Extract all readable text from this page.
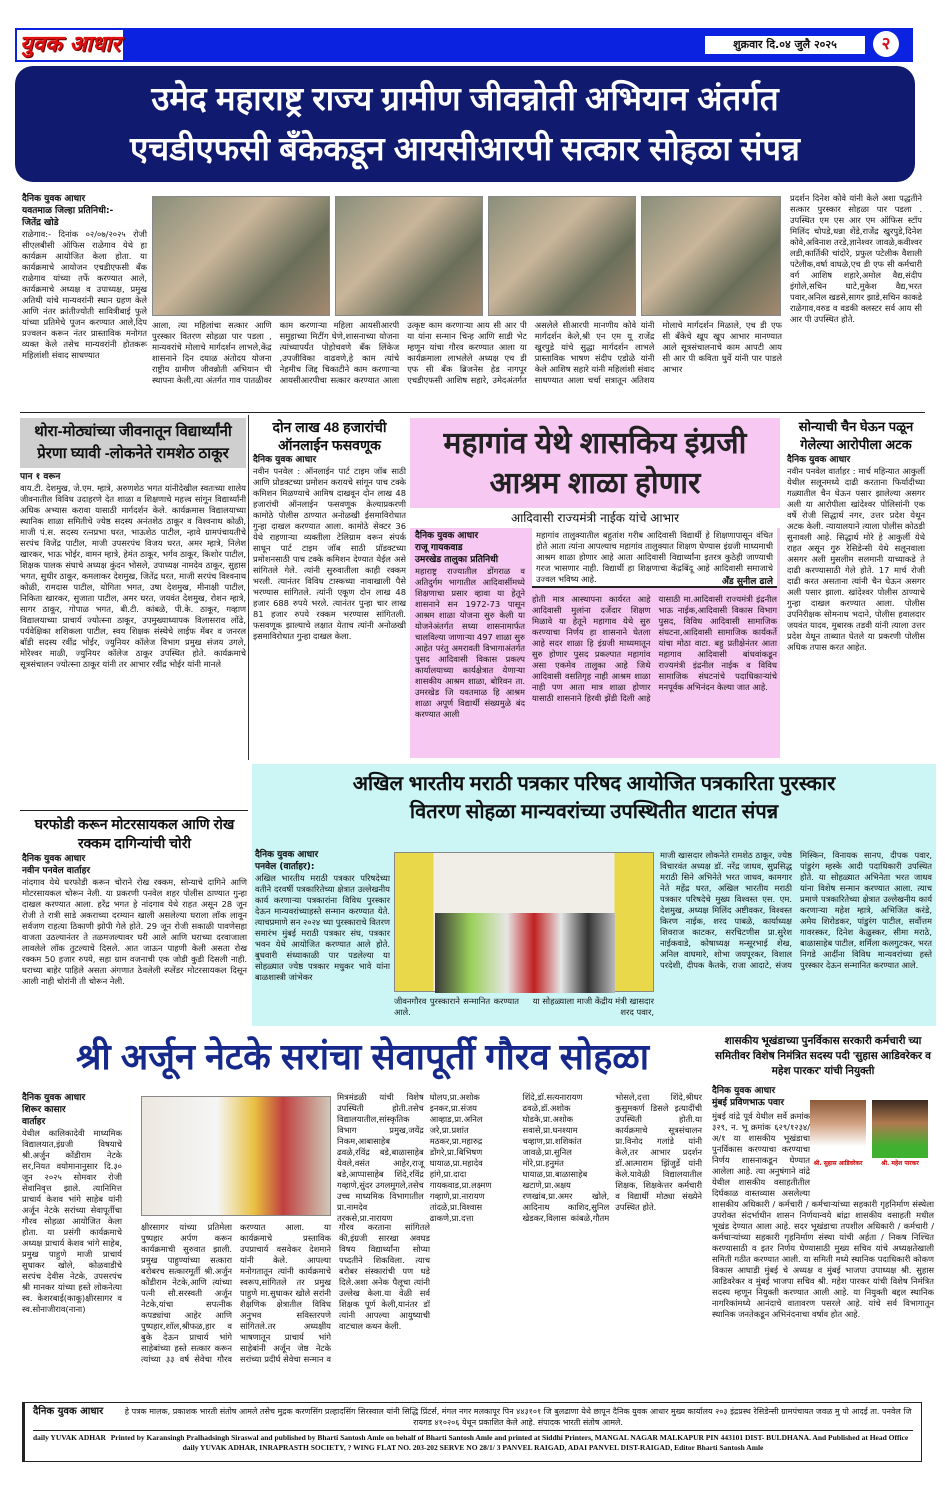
युवक आधार	शुक्रवार दि.०४ जुलै २०२५	२
उमेद महाराष्ट्र राज्य ग्रामीण जीवन्नोती अभियान अंतर्गत
एचडीएफसी बँकेकडून आयसीआरपी सत्कार सोहळा संपन्न
दैनिक युवक आधार
यवतमाळ जिल्हा प्रतिनिधी:-
जितेंद्र खोडे
राळेगाव:- दिनांक ०२/०७/२०२५ रोजी सीएलबीसी ऑफिस राळेगाव येथे हा कार्यक्रम आयोजित केला होता. या कार्यक्रमाचे आयोजन एचडीएफसी बँक राळेगाव यांच्या तर्फे करण्यात आले, कार्यक्रमाचे अध्यक्ष व उपाध्यक्ष, प्रमुख अतिथी यांचे मान्यवरांनी स्थान ग्रहण केले आणि नंतर क्रांतीज्योती सावित्रीबाई फुले यांच्या प्रतिमेचे पूजन करण्यात आले,दिप प्रज्वलन करून नंतर प्रास्ताविक मनोगत व्यक्त केले तसेच मान्यवरांनी होतकरू महिलांशी संवाद साधण्यात
आला, त्या महिलांचा सत्कार आणि पुरस्कार वितरण सोहळा पार पडला , मान्यवरांचे मोलाचे मार्गदर्शन लाभले,केंद्र शासनाने दिन दयाळ अंतोदय योजना राष्ट्रीय ग्रामीण जीवन्नोती अभियान ची स्थापना केली,त्या अंतर्गत गाव पातळीवर काम करणाऱ्या महिला आयसीआरपी समुहाच्या मिटींग घेणे,शासनाच्या योजना त्यांच्यापर्यंत पोहोचवणे बँक लिंकेज ,उपजीविका वाढवणे,हे काम त्यांचे नेहमीच जिद्द चिकाटीने काम करणाऱ्या आयसीआरपीचा सत्कार करण्यात आला उत्कृष्ट काम करणाऱ्या आय सी आर पी या यांना सन्मान चिन्ह आणि साडी भेट म्हणून यांचा गौरव करण्यात आला या कार्यक्रमाला लाभलेले अध्यक्ष एच डी एफ सी बँक ब्रिजनेस हेड नागपूर एचडीएफसी आशिष सहारे, उमेदअंतर्गत असलेले सीआरपी मानणीय कोवे यांनी मार्गदर्शन केले,श्री एन एम यू राजेंद्र खुरपुडे यांचे सुद्धा मार्गदर्शन लाभले प्रास्ताविक भाषण संदीप एडोळे यांनी केले आशिष सहारे यांनी महिलांशी संवाद साधण्यात आला चर्चा सत्रातून अतिशय मोलाचे मार्गदर्शन मिळाले, एच डी एफ सी बँकेचे खूप खूप आभार मानण्यात आले सूत्रसंचालनाचे काम आपटी आय सी आर पी कविता धुर्वे यांनी पार पाडले आभार
प्रदर्शन दिनेश कोवे यांनी केले अशा पद्धतीने सत्कार पुरस्कार सोहळा पार पडला . उपस्थित एम एस आर एम ऑफिस स्टॉप मिलिंद चोपडे,धन्ना शेंडे,राजेंद्र खुरपुडे,दिनेश कोवे,अविनाश तरडे,ज्ञानेश्वर जावळे,कवीश्वर लडी,कार्तिकी चांदोरे, प्रफुल पटेलीक वैशाली पटेलीक,वर्षा वाघळे,एच डी एफ सी कर्मचारी वर्ग आशिष शहारे,अमोल वैद्य,संदीप इंगोले,सचिन घाटे,मुकेश वैद्य,भरत पवार,अनिल खडसे,सागर झाडे,सचिन काकडे राळेगाव,वरुड व वडकी क्लस्टर सर्व आय सी आर पी उपस्थित होते.
थोरा-मोठ्यांच्या जीवनातून विद्यार्थ्यांनी प्रेरणा घ्यावी -लोकनेते रामशेठ ठाकूर
पान १ वरून
वाय.टी. देशमुख, जे.एम. म्हात्रे, अरुणशेठ भगत यांनीदेखील स्वतःच्या शालेय जीवनातील विविध उदाहरणे देत शाळा व शिक्षणाचे महत्त्व सांगून विद्यार्थ्यांनी अधिक अभ्यास करावा यासाठी मार्गदर्शन केले. कार्यक्रमास विद्यालयाच्या स्थानिक शाळा समितीचे ज्येष्ठ सदस्य अनंतशेठ ठाकूर व विश्वनाथ कोळी, माजी पं.स. सदस्य रत्नप्रभा घरत, भाऊशेठ पाटील, न्हावे ग्रामपंचायतीचे सरपंच विजेंद्र पाटील, माजी उपसरपंच विजय घरत, अमर म्हात्रे, निलेश खारकर, भाऊ भोईर, वामन म्हात्रे, हेमंत ठाकूर, भर्गव ठाकूर, किशोर पाटील, शिक्षक पालक संघाचे अध्यक्ष कुंदन भोसले, उपाध्यक्ष नामदेव ठाकूर, सुहास भगत, सुधीर ठाकूर, कमलाकर देशमुख, जितेंद्र घरत, माजी सरपंच विश्वनाथ कोळी, रामदास पाटील, योगिता भगत, उषा देशमुख, मीनाक्षी पाटील, निकिता खारकर, सुजाता पाटील, अमर घरत, जयवंत देशमुख, रोशन म्हात्रे, सागर ठाकूर, गोपाळ भगत, बी.टी. कांबळे, पी.के. ठाकूर, गव्हाण विद्यालयाच्या प्राचार्य ज्योत्स्ना ठाकूर, उपमुख्याध्यापक विलासराव लोंढे, पर्यवेक्षिका शशिकला पाटील, स्वय शिक्षक संस्थेचे लाईफ मेंबर व जनरल बॉडी सदस्य रवींद्र भोईर, ज्युनियर कॉलेज विभाग प्रमुख संजय उगले, मोरेश्वर माळी, ज्युनियर कॉलेज ठाकूर उपस्थित होते. कार्यक्रमाचे सूत्रसंचालन ज्योत्स्ना ठाकूर यांनी तर आभार रवींद्र भोईर यांनी मानले
दोन लाख 48 हजारांची
ऑनलाईन फसवणूक
दैनिक युवक आधार
नवीन पनवेल : ऑनलाईन पार्ट टाइम जॉब साठी आणि प्रोडक्टच्या प्रमोशन करायचे सांगून पाच टक्के कमिशन मिळण्याचे आमिष दाखवून दोन लाख 48 हजारांची ऑनलाईन फसवणूक केल्याप्रकरणी कामोठे पोलीस ठाण्यात अनोळखी ईसमाविरोधात गुन्हा दाखल करण्यात आला. कामोठे सेक्टर 36 येथे राहणाऱ्या व्यक्तीला टेलिग्राम वरून संपर्क साधून पार्ट टाइम जॉब साठी प्रॉडक्टच्या प्रमोशनसाठी पाच टक्के कमिशन देण्यात येईल असे सांगितले गेले. त्यांनी सुरुवातीला काही रक्कम भरली. त्यानंतर विविध टास्कच्या नावाखाली पैसे भरण्यास सांगितले. त्यांनी एकूण दोन लाख 48 हजार 688 रुपये भरले. त्यानंतर पुन्हा चार लाख 81 हजार रुपये रक्कम भरण्यास सांगितली. फसवणूक झाल्याचे लक्षात येताच त्यांनी अनोळखी इसमाविरोधात गुन्हा दाखल केला.
महागांव येथे शासकिय इंग्रजी
आश्रम शाळा होणार
आदिवासी राज्यमंत्री नाईक यांचे आभार
दैनिक युवक आधार
राजू गायकवाड
उमरखेड तालुका प्रतिनिधी
महाराष्ट्र राज्यातील डोंगराळ व अतिदुर्गम भागातील आदिवासींमध्ये शिक्षणाचा प्रसार व्हावा या हेतूने शासनाने सन 1972-73 पासून आश्रम शाळा योजना सुरु केली या योजनेअंतर्गत सध्या शासनामार्फत चालविल्या जाणाऱ्या 497 शाळा सुरु आहेत परंतु अमरावती विभागाअंतर्गत पुसद आदिवासी विकास प्रकल्प कार्यालयाच्या कार्यक्षेत्रात येणाऱ्या शासकीय आश्रम शाळा, बोरिवन ता. उमरखेड जि यवतमाळ हि आश्रम शाळा अपूर्ण विद्यार्थी संख्यमुळे बंद करण्यात आली
महागांव तालुक्यातील बहुतांश गरीब आदिवासी विद्यार्थी हे शिक्षणापासून वंचित होते आता त्यांना आपल्याच महागांव तालुक्यात शिक्षण घेण्यास इंग्रजी माध्यमाची आश्रम शाळा होणार आहे आता आदिवासी विद्यार्थ्यांना इतरत्र कुठेही जाण्याची गरज भासणार नाही. विद्यार्थी हा शिक्षणाचा केंद्रबिंदू आहे आदिवासी समाजाचे उज्वल भविष्य आहे.	अँड सुनील ढाले
होती मात्र आस्थापना कार्यरत आहे आदिवासी मुलांना दर्जेदार शिक्षण मिळावे या हेतूने महागाव येथे सुरु करण्याचा निर्णय हा शासनाने घेतला आहे सदर शाळा हि इंग्रजी माध्यमातून सुरु होणार पुसद प्रकल्पात महागांव असा एकमेव तालुका आहे जिथे आदिवासी वसतिगृह नाही आश्रम शाळा नाही पण आता मात्र शाळा होणार यासाठी शासनाने हिरवी झेंडी दिली आहे यासाठी मा.आदिवासी राज्यमंत्री इंद्रनील भाऊ नाईक,आदिवासी विकास विभाग पुसद, विविध आदिवासी सामाजिक संघटना,आदिवासी सामाजिक कार्यकर्ते यांचा मोठा वाटा. बहु प्रतीक्षेनंतर आता महागाव आदिवासी बांधवांकडून राज्यमंत्री इंद्रनील नाईक व विविध सामाजिक संघटनांचे पदाधिकाऱ्यांचे मनपूर्वक अभिनंदन केल्या जात आहे.
सोन्याची चैन घेऊन पळून गेलेल्या आरोपीला अटक
दैनिक युवक आधार
नवीन पनवेल वार्ताहर : मार्च महिन्यात आकुर्ली येथील सलूनमध्ये दाढी करताना फिर्यादीच्या गळ्यातील चैन घेऊन पसार झालेल्या असगर अली या आरोपीला खांदेश्वर पोलिसांनी एक वर्षे रोजी सिद्धार्थ नगर, उत्तर प्रदेश येथून अटक केली. न्यायालयाने त्याला पोलीस कोठडी सुनावली आहे. सिद्धार्थ मोरे हे आकुर्ली येथे राहत असून गुरु रेसिडेन्सी येथे सलूनवाला असगर अली मुसलीम सलमानी याच्याकडे ते दाढी करण्यासाठी गेले होते. 17 मार्च रोजी दाढी करत असताना त्यांनी चैन घेऊन असगर अली पसार झाला. खांदेश्वर पोलीस ठाण्याचे गुन्हा दाखल करण्यात आला. पोलीस उपनिरीक्षक सोमनाथ भदाने, पोलीस हवालदार जयवंत यादव, मुबारक तडवी यांनी त्याला उत्तर प्रदेश येथून ताब्यात घेतले या प्रकरणी पोलीस अधिक तपास करत आहेत.
घरफोडी करून मोटरसायकल आणि रोख रक्कम दागिन्यांची चोरी
दैनिक युवक आधार
नवीन पनवेल वार्ताहर
नांदगाव येथे घरफोडी करून चोराने रोख रक्कम, सोन्याचे दागिने आणि मोटरसायकल चोरून नेली. या प्रकरणी पनवेल शहर पोलीस ठाण्यात गुन्हा दाखल करण्यात आला. हरेंद्र भगत हे नांदगाव येथे राहत असून 28 जून रोजी ते रात्री साडे अकराच्या दरम्यान खाली असलेल्या घराला लॉक लावून सर्वजण राहत्या ठिकाणी झोपी गेले होते. 29 जून रोजी सकाळी पावणेसहा वाजता उठल्यानंतर ते तळमजल्यावर घरी आले आणि घराच्या दरवाजाला लावलेले लॉक तुटल्याचे दिसले. आत जाऊन पाहणी केली असता रोख रक्कम 50 हजार रुपये, सहा ग्राम वजनाची एक जोडी कुडी दिसली नाही. घराच्या बाहेर पाहिले असता अंगणात ठेवलेली स्प्लेंडर मोटरसायकल दिसून आली नाही चोरांनी ती चोरून नेली.
अखिल भारतीय मराठी पत्रकार परिषद आयोजित पत्रकारिता पुरस्कार
वितरण सोहळा मान्यवरांच्या उपस्थितीत थाटात संपन्न
दैनिक युवक आधार
पनवेल (वार्ताहर):
अखिल भारतीय मराठी पत्रकार परिषदेच्या वतीने दरवर्षी पत्रकारितेच्या क्षेत्रात उल्लेखनीय कार्य करणाऱ्या पत्रकारांना विविध पुरस्कार देऊन मान्यवरांच्याहस्ते सन्मान करण्यात येते. त्याचप्रमाणे सन २०२४ च्या पुरस्काराचे वितरण समारंभ मुंबई मराठी पत्रकार संघ, पत्रकार भवन येथे आयोजित करण्यात आले होते. बुधवारी संध्याकाळी पार पडलेल्या या सोहळ्यात ज्येष्ठ पत्रकार मधुकर भावे यांना बाळशास्त्री जांभेकर
जीवनगौरव पुरस्काराने सन्मानित करण्यात आले.
या सोहळ्याला माजी केंद्रीय मंत्री खासदार शरद पवार,
माजी खासदार लोकनेते रामशेठ ठाकूर, ज्येष्ठ विचारवंत अध्यक्ष डॉ. नरेंद्र जाधव, सुप्रसिद्ध मराठी सिने अभिनेते भरत जाधव, कामगार नेते महेंद्र घरत, अखिल भारतीय मराठी पत्रकार परिषदेचे मुख्य विश्वस्त एस. एम. देशमुख, अध्यक्ष मिलिंद अष्टीवकर, विश्वस्त किरण नाईक, शरद पाबळे, कार्याध्यक्ष शिवराज काटकर, सरचिटणीस प्रा.सुरेश नाईकवाडे, कोषाध्यक्ष मन्सूरभाई शेख, अनिल वाघमारे, शोभा जयपूरकर, विशाल परदेशी, दीपक कैतके, राजा आदाटे, संजय मिस्किन, विनायक सानप, दीपक पवार, पांडुरंग म्हस्के आदी पदाधिकारी उपस्थित होते. या सोहळ्यात अभिनेता भरत जाधव यांना विशेष सन्मान करण्यात आला. त्याच प्रमाणे पत्रकारितेच्या क्षेत्रात उल्लेखनीय कार्य करणाऱ्या महेश म्हात्रे, अभिजित करंडे, अमेय शिरोडकर, पांडुरंग पाटील, सर्वोत्तम गावरस्कर, दिनेश केळुस्कर, सीमा मराठे, बाळासाहेब पाटील, शर्मिला कलगुटकर, भरत निगडे आदींना विविध मान्यवरांच्या हस्ते पुरस्कार देऊन सन्मानित करण्यात आले.
श्री अर्जून नेटके सरांचा सेवापूर्ती गौरव सोहळा
दैनिक युवक आधार
शिरूर कासार
वार्ताहर
येथील कालिकादेवी माध्यमिक विद्यालयात,इंग्रजी विषयाचे श्री.अर्जुन कोंडीराम नेटके सर,नियत वयोमानानुसार दि.३० जून २०२५ सोमवार रोजी सेवानिवृत्त झाले. त्यानिमित्त प्राचार्य केशव भांगे साहेब यांनी अर्जून नेटके सरांच्या सेवापूर्तीचा गौरव सोहळा आयोजित केला होता. या प्रसंगी कार्यक्रमाचे अध्यक्ष प्राचार्य केशव भांगे साहेब, प्रमुख पाहुणे माजी प्राचार्य सुधाकर खोले, कोळवाडीचे सरपंच देवीस नेटके, उपसरपंच श्री मानकर यांच्या हस्ते लोकनेत्या स्व. केशरबाई(काकू)क्षीरसागर व स्व.सोनाजीराव(नाना)
क्षीरसागर यांच्या प्रतिमेला पुष्पहार अर्पण करून कार्यक्रमाची सुरुवात झाली. प्रमुख पाहुण्यांच्या सत्कारा बरोबरच सत्कारमूर्ती श्री.अर्जुन कोंडीराम नेटके,आणि त्यांच्या पत्नी सौ.सरस्वती अर्जून नेटके,यांचा सपत्नीक कपड्यांचा आहेर आणि पुष्पहार,शॉल,श्रीफळ,हार व बुके देऊन प्राचार्य भांगे साहेबांच्या हस्ते सत्कार करून त्यांच्या ३३ वर्ष सेवेचा गौरव करण्यात आला. या कार्यक्रमाचे प्रस्ताविक उपप्राचार्य वसवेकर देशमाने यांनी केले. आपल्या मनोगतातून त्यांनी कार्यक्रमाचे स्वरूप,सांगितले तर प्रमुख पाहुणे मा.सुधाकर खोले सरांनी शैक्षणिक क्षेत्रातील विविध अनुभव सविस्तरपणे सांगितले.तर अध्यक्षीय भाषणातून प्राचार्य भांगे साहेबांनी अर्जून जेष्ठ नेटके सरांच्या प्रदीर्घ सेवेचा सन्मान व गौरव करताना सांगितले की,इंग्रजी सारखा अवघड विषय विद्यार्थ्यांना सोप्या पध्दतीने शिकविला. त्याच बरोबर संस्कारांची पण धडे दिले.अशा अनेक पैलूचा त्यांनी उल्लेख केला.या वेळी सर्व शिक्षक पूर्ण केली,यानंतर डॉ त्यांनी आपल्या आयुष्याची वाटचाल कथन केली.
मित्रमंडळी यांची विशेष उपस्थिती होती.तसेच विद्यालयातील,सांस्कृतिक विभाग प्रमुख,जयेंद्र निकम,आबासाहेब ढवळे,रविंद्र बडे,बाळासाहेब येवले,वसंत आहेर,राजू बडे,आप्पासाहेब शिंदे,रविंद्र गव्हाणे,सुंदर उगलमुगले,तसेच उच्च माध्यमिक विभागातील प्रा.नामदेव तरकसे,प्रा.नारायण घोलप,प्रा.अशोक इनकर,प्रा.संजय आव्हाड,प्रा.अनिल जरे,प्रा.प्रशांत मठकर,प्रा.महारुद्र डोंगरे,प्रा.बिभिषण घायाळ,प्रा.महादेव हांगे,प्रा.दादा गायकवाड,प्रा.लक्ष्मण गव्हाणे,प्रा.नारायण तांदळे,प्रा.विश्वास ढाकणे,प्रा.दत्ता शिंदे,डॉ.सत्यनारायण ढवळे,डॉ.अशोक घोडके,प्रा.अशोक सवासे,प्रा.घनश्याम चव्हाण,प्रा.शशिकांत जावळे,प्रा.सुनिल मोरे,प्रा.हनुमंत घायाळ,प्रा.बाळासाहेब खटाणे,प्रा.अक्षय रणखांब,प्रा.अमर खोले, आदिनाथ काशिद,सुनिल खेडकर,विलास कांबळे,गौतम भोसले,दत्ता शिंदे,श्रीधर कुसुमकर्ण डिसले इत्यादींची उपस्थिती होती.या कार्यक्रमाचे सूत्रसंचालन प्रा.विनोद गलांडे यांनी केले,तर आभार प्रदर्शन डॉ.आत्माराम झिंजुर्डे यांनी केले.यावेळी विद्यालयातील शिक्षक, शिक्षकेत्तर कर्मचारी व विद्यार्थी मोठ्या संख्येने उपस्थित होते.
शासकीय भूखंडाच्या पुनर्विकास सरकारी कर्मचारी च्या समितीवर विशेष निमंत्रित सदस्य पदी 'सुहास आडिवरेकर व महेश पारकर' यांची नियुक्ती
दैनिक युवक आधार
मुंबई प्रविणभाऊ पवार
श्री. सुहास आडिवरेकर	श्री. महेश पारकर
मुंबई वांद्रे पूर्व येथील सर्वे क्रमांक ३२९, न. भू क्रमांक ६२९/१२३४/अ/१ या शासकीय भूखंडाचा पुनर्विकास करण्याचा करण्याचा निर्णय शासनाकडून घेण्यात आलेला आहे. त्या अनुषंगाने वांद्रे येथील शासकीय वसाहतीतील दिर्घकाळ वास्तव्यास असलेल्या शासकीय अधिकारी / कर्मचारी / कर्मचाऱ्यांच्या सहकारी गृहनिर्माण संस्थेला उपरोक्त संदर्भाधीन शासन निर्णयान्वये बांद्रा शासकीय वसाहती मधील भूखंड देण्यात आला आहे. सदर भूखंडाचा तपशील अधिकारी / कर्मचारी / कर्मचाऱ्यांच्या सहकारी गृहनिर्माण संस्था यांची अर्हता / निकष निश्चित करण्यासाठी व इतर निर्णय घेण्यासाठी मुख्य सचिव यांचे अध्यक्षतेखाली समिती गठीत करण्यात आली. या समिती मध्ये स्थानिक पदाधिकारी कोकण विकास आघाडी मुंबई चे अध्यक्ष व मुंबई भाजपा उपाध्यक्ष श्री. सुहास आडिवरेकर व मुंबई भाजपा सचिव श्री. महेश पारकर यांची विशेष निमंत्रित सदस्य म्हणून नियुक्ती करण्यात आली आहे. या नियुक्ती बद्दल स्थानिक नागरिकांमध्ये आनंदाचे वातावरण पसरले आहे. यांचे सर्व विभागातून स्थानिक जनतेकडून अभिनंदनाचा वर्षाव होत आहे.
दैनिक युवक आधार	हे पत्रक मालक, प्रकाशक भारती संतोष आमले तसेच मुद्रक करणसिंग प्रल्हादसिंग सिरस्वाल यांनी सिद्धि प्रिंटर्स, मंगल नगर मलकापूर पिन ४४३१०१ जि बुलढाणा येथे छापून दैनिक युवक आधार मुख्य कार्यालय २०३ इंद्रप्रस्थ रेसिडेन्सी ग्रामपंचायत जवळ मु पो आदई ता. पनवेल जि रायगड ४१०२०६ येथून प्रकाशित केले आहे. संपादक भारती संतोष आमले.
daily YUVAK ADHAR Printed by Karansingh Pralhadsingh Siraswal and published by Bharti Santosh Amle on behalf of Bharti Santosh Amle and printed at Siddhi Printers, MANGAL NAGAR MALKAPUR PIN 443101 DIST- BULDHANA. And Published at Head Office daily YUVAK ADHAR, INRAPRASTH SOCIETY, ? WING FLAT NO. 203-202 SERVE NO 28/1/ 3 PANVEL RAIGAD, ADAI PANVEL DIST-RAIGAD, Editor Bharti Santosh Amle
